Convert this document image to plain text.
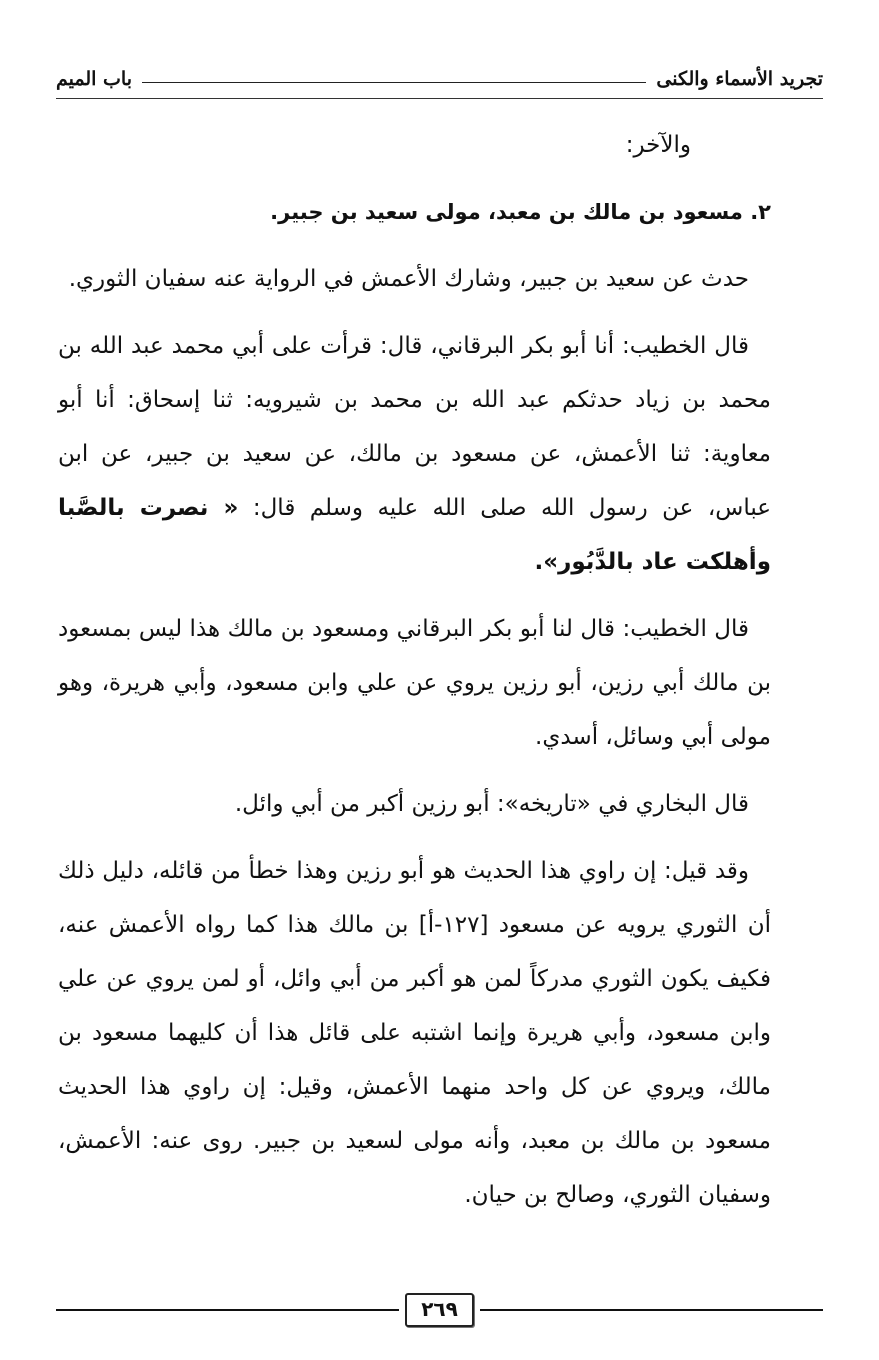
تجريد الأسماء والكنى
باب الميم

والآخر:

٢. مسعود بن مالك بن معبد، مولى سعيد بن جبير.

حدث عن سعيد بن جبير، وشارك الأعمش في الرواية عنه سفيان الثوري.

قال الخطيب: أنا أبو بكر البرقاني، قال: قرأت على أبي محمد عبد الله بن محمد بن زياد حدثكم عبد الله بن محمد بن شيرويه: ثنا إسحاق: أنا أبو معاوية: ثنا الأعمش، عن مسعود بن مالك، عن سعيد بن جبير، عن ابن عباس، عن رسول الله صلى الله عليه وسلم قال: « نصرت بالصَّبا وأهلكت عاد بالدَّبُور».

قال الخطيب: قال لنا أبو بكر البرقاني ومسعود بن مالك هذا ليس بمسعود بن مالك أبي رزين، أبو رزين يروي عن علي وابن مسعود، وأبي هريرة، وهو مولى أبي وسائل، أسدي.

قال البخاري في «تاريخه»: أبو رزين أكبر من أبي وائل.

وقد قيل: إن راوي هذا الحديث هو أبو رزين وهذا خطأ من قائله، دليل ذلك أن الثوري يرويه عن مسعود [١٢٧-أ] بن مالك هذا كما رواه الأعمش عنه، فكيف يكون الثوري مدركاً لمن هو أكبر من أبي وائل، أو لمن يروي عن علي وابن مسعود، وأبي هريرة وإنما اشتبه على قائل هذا أن كليهما مسعود بن مالك، ويروي عن كل واحد منهما الأعمش، وقيل: إن راوي هذا الحديث مسعود بن مالك بن معبد، وأنه مولى لسعيد بن جبير. روى عنه: الأعمش، وسفيان الثوري، وصالح بن حيان.

٢٦٩
